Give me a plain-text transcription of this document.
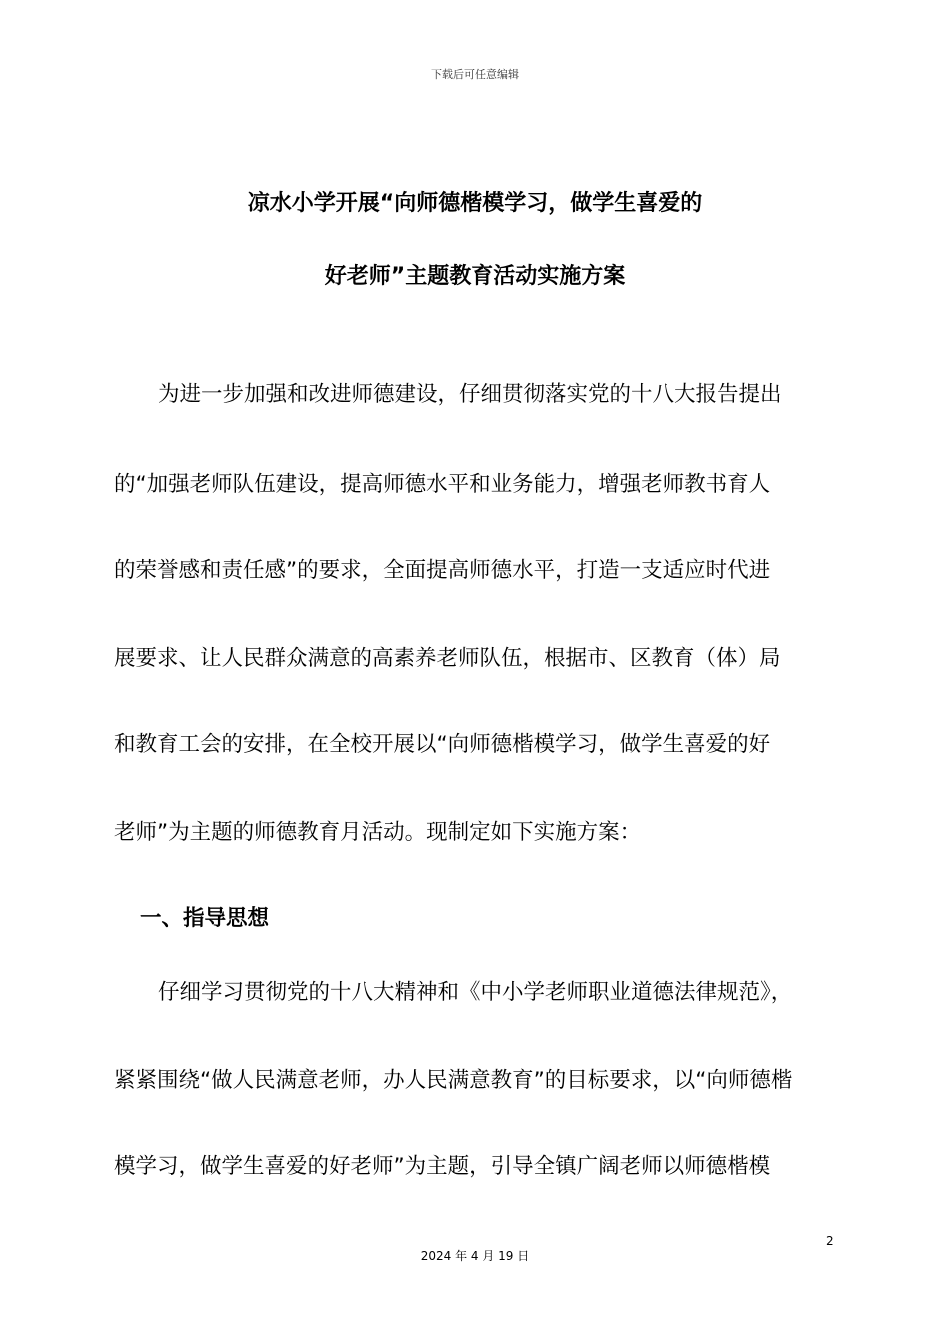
下载后可任意编辑
凉水小学开展“向师德楷模学习，做学生喜爱的
好老师”主题教育活动实施方案
为进一步加强和改进师德建设，仔细贯彻落实党的十八大报告提出
的“加强老师队伍建设，提高师德水平和业务能力，增强老师教书育人
的荣誉感和责任感”的要求，全面提高师德水平，打造一支适应时代进
展要求、让人民群众满意的高素养老师队伍，根据市、区教育（体）局
和教育工会的安排，在全校开展以“向师德楷模学习，做学生喜爱的好
老师”为主题的师德教育月活动。现制定如下实施方案：
一、指导思想
仔细学习贯彻党的十八大精神和《中小学老师职业道德法律规范》，
紧紧围绕“做人民满意老师，办人民满意教育”的目标要求，以“向师德楷
模学习，做学生喜爱的好老师”为主题，引导全镇广阔老师以师德楷模
2
2024 年 4 月 19 日
